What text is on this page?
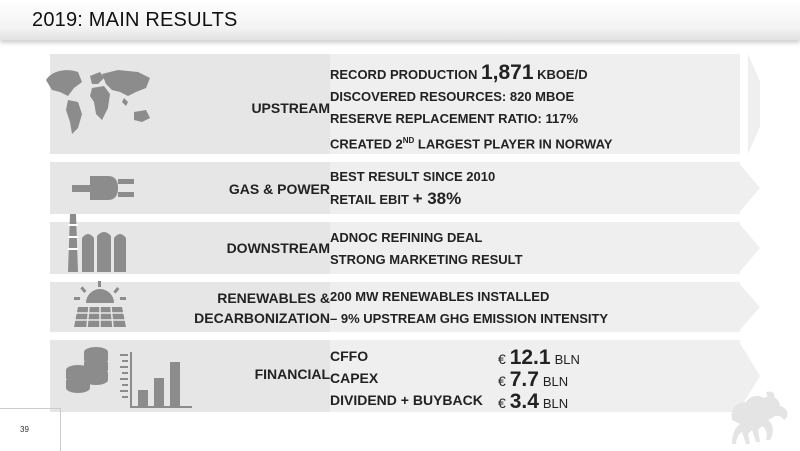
2019: MAIN RESULTS
UPSTREAM
RECORD PRODUCTION 1,871 KBOE/D
DISCOVERED RESOURCES: 820 MBOE
RESERVE REPLACEMENT RATIO: 117%
CREATED 2ND LARGEST PLAYER IN NORWAY
GAS & POWER
BEST RESULT SINCE 2010
RETAIL EBIT + 38%
DOWNSTREAM
ADNOC REFINING DEAL
STRONG MARKETING RESULT
RENEWABLES &
DECARBONIZATION
200 MW RENEWABLES INSTALLED
– 9% UPSTREAM GHG EMISSION INTENSITY
FINANCIAL
CFFO	€ 12.1 BLN
CAPEX	€ 7.7 BLN
DIVIDEND + BUYBACK € 3.4 BLN
39
